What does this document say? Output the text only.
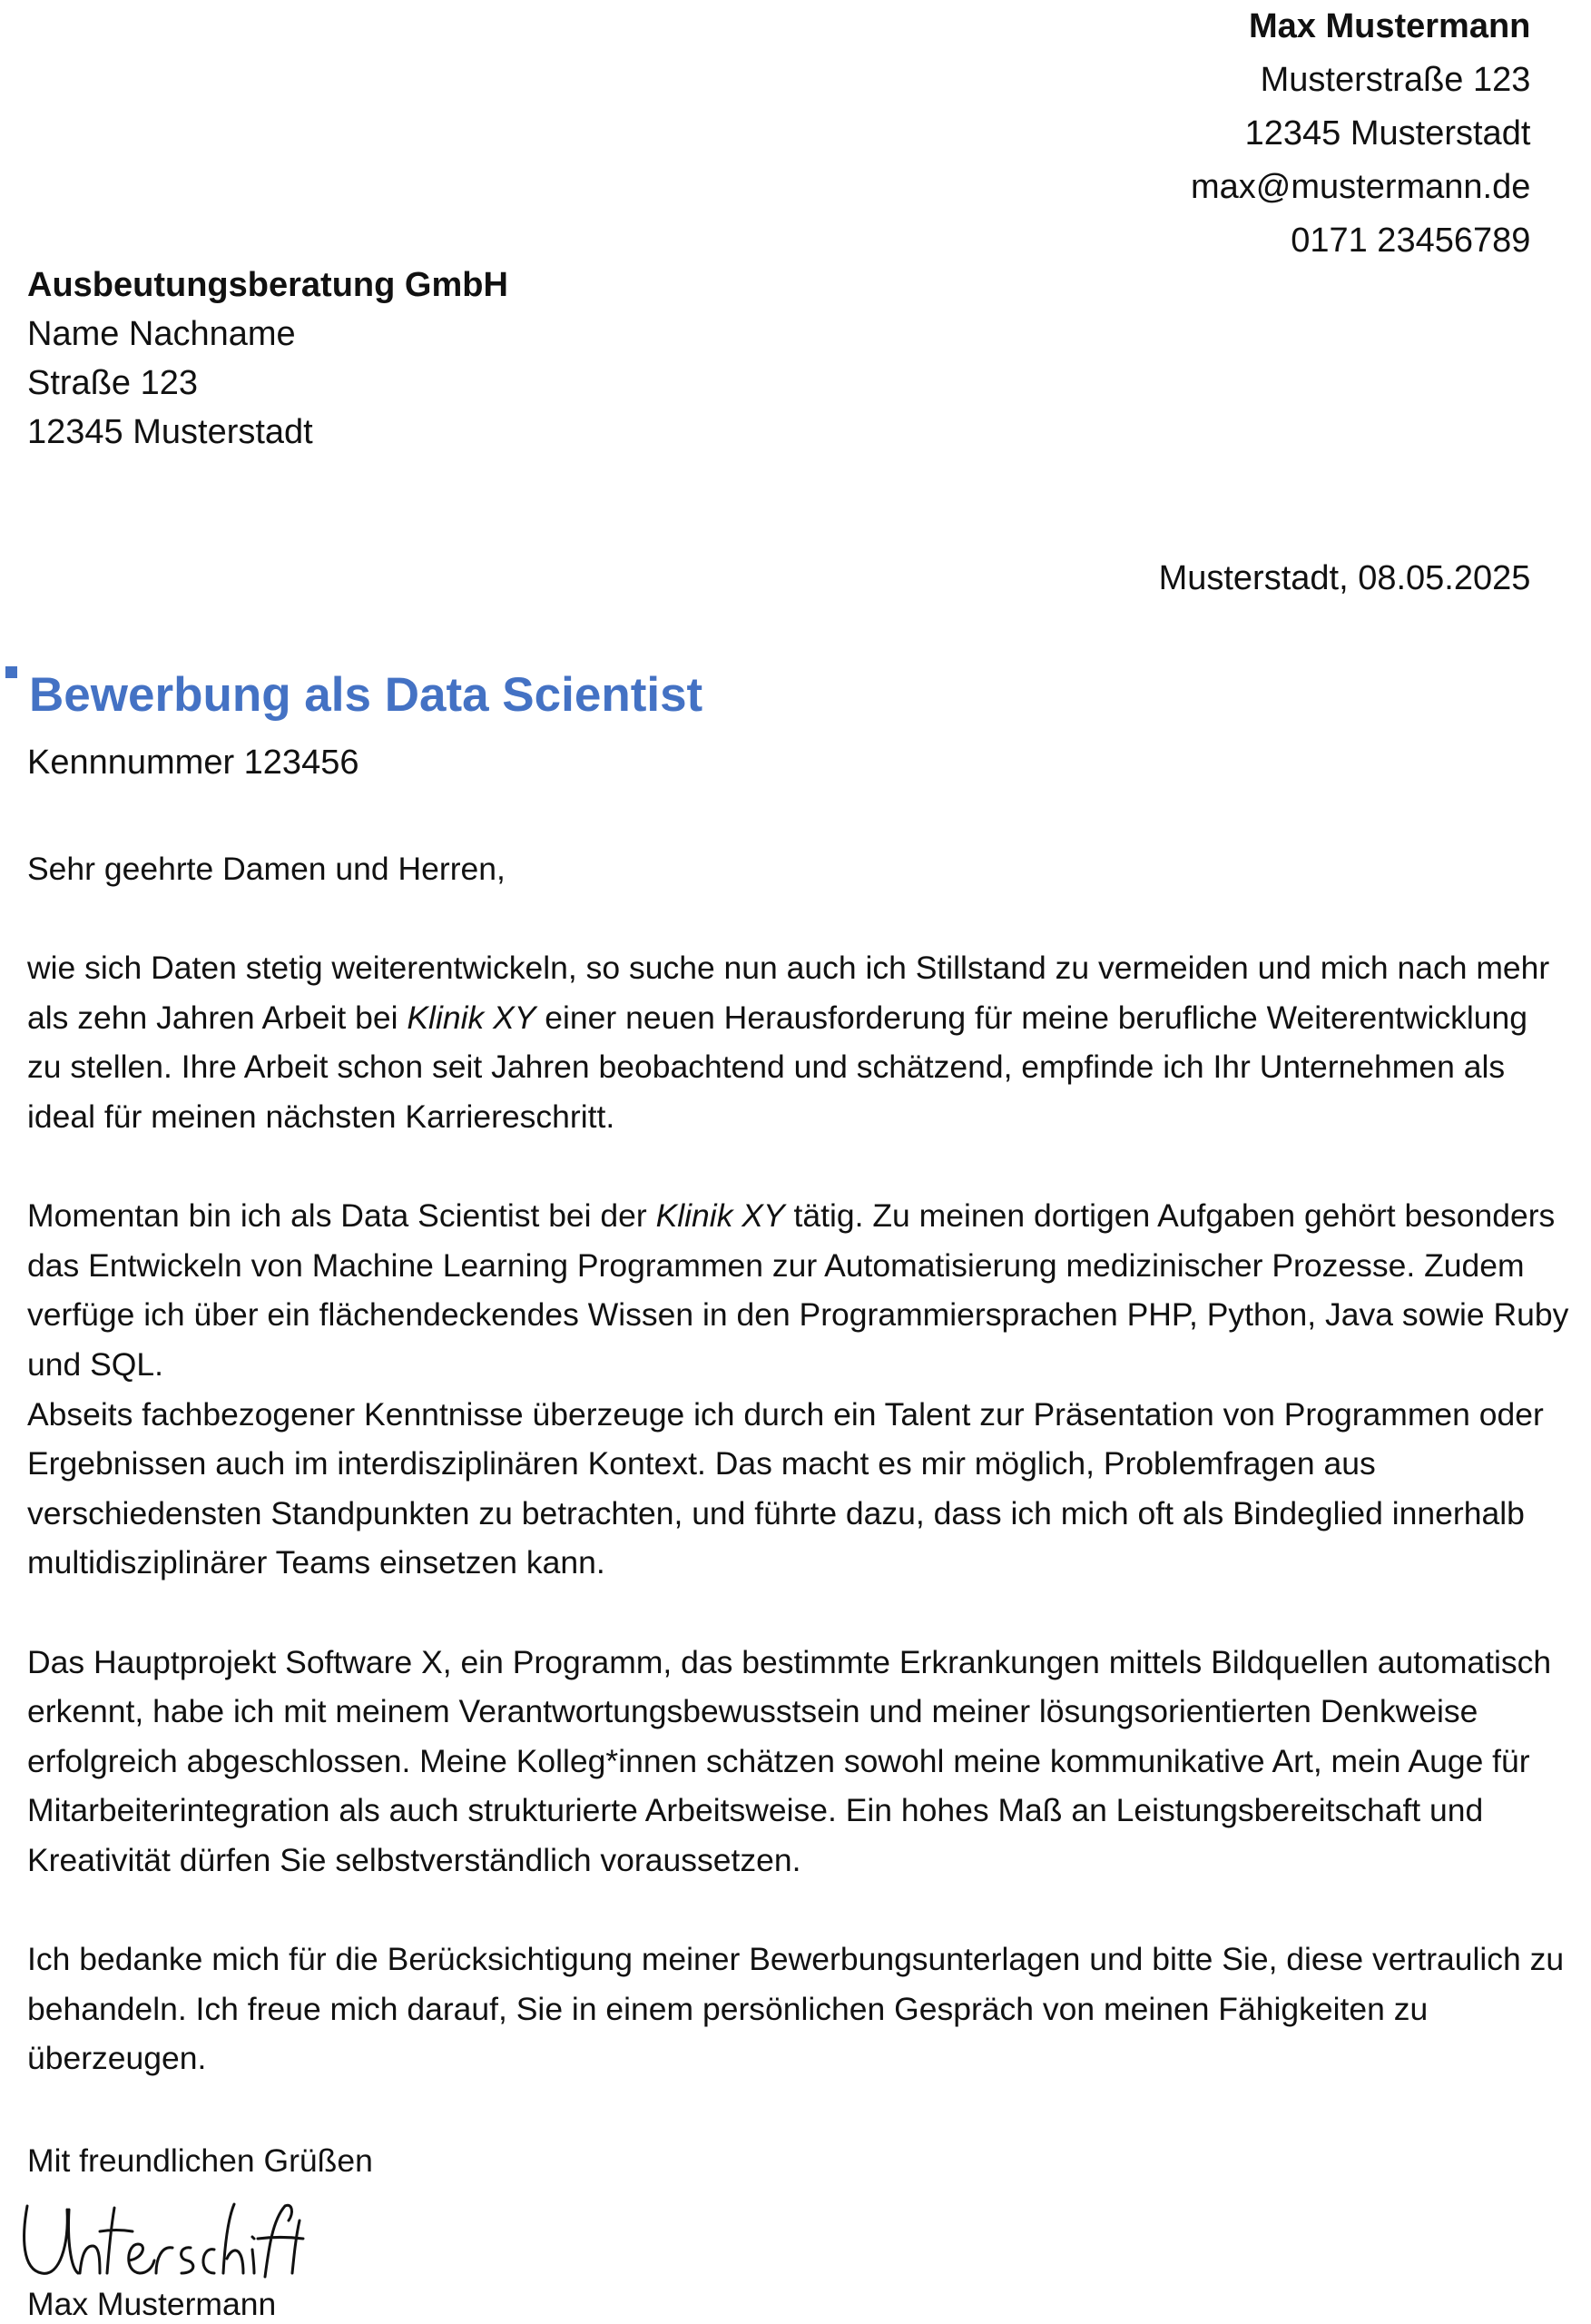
Max Mustermann
Musterstraße 123
12345 Musterstadt
max@mustermann.de
0171 23456789
Ausbeutungsberatung GmbH
Name Nachname
Straße 123
12345 Musterstadt
Musterstadt, 08.05.2025
Bewerbung als Data Scientist
Kennnummer 123456

Sehr geehrte Damen und Herren,

wie sich Daten stetig weiterentwickeln, so suche nun auch ich Stillstand zu vermeiden und mich nach mehr als zehn Jahren Arbeit bei Klinik XY einer neuen Herausforderung für meine berufliche Weiterentwicklung zu stellen. Ihre Arbeit schon seit Jahren beobachtend und schätzend, empfinde ich Ihr Unternehmen als ideal für meinen nächsten Karriereschritt.

Momentan bin ich als Data Scientist bei der Klinik XY tätig. Zu meinen dortigen Aufgaben gehört besonders das Entwickeln von Machine Learning Programmen zur Automatisierung medizinischer Prozesse. Zudem verfüge ich über ein flächendeckendes Wissen in den Programmiersprachen PHP, Python, Java sowie Ruby und SQL.

Abseits fachbezogener Kenntnisse überzeuge ich durch ein Talent zur Präsentation von Programmen oder Ergebnissen auch im interdisziplinären Kontext. Das macht es mir möglich, Problemfragen aus verschiedensten Standpunkten zu betrachten, und führte dazu, dass ich mich oft als Bindeglied innerhalb multidisziplinärer Teams einsetzen kann.

Das Hauptprojekt Software X, ein Programm, das bestimmte Erkrankungen mittels Bildquellen automatisch erkennt, habe ich mit meinem Verantwortungsbewusstsein und meiner lösungsorientierten Denkweise erfolgreich abgeschlossen. Meine Kolleg*innen schätzen sowohl meine kommunikative Art, mein Auge für Mitarbeiterintegration als auch strukturierte Arbeitsweise. Ein hohes Maß an Leistungsbereitschaft und Kreativität dürfen Sie selbstverständlich voraussetzen.

Ich bedanke mich für die Berücksichtigung meiner Bewerbungsunterlagen und bitte Sie, diese vertraulich zu behandeln. Ich freue mich darauf, Sie in einem persönlichen Gespräch von meinen Fähigkeiten zu überzeugen.

Mit freundlichen Grüßen
Max Mustermann
